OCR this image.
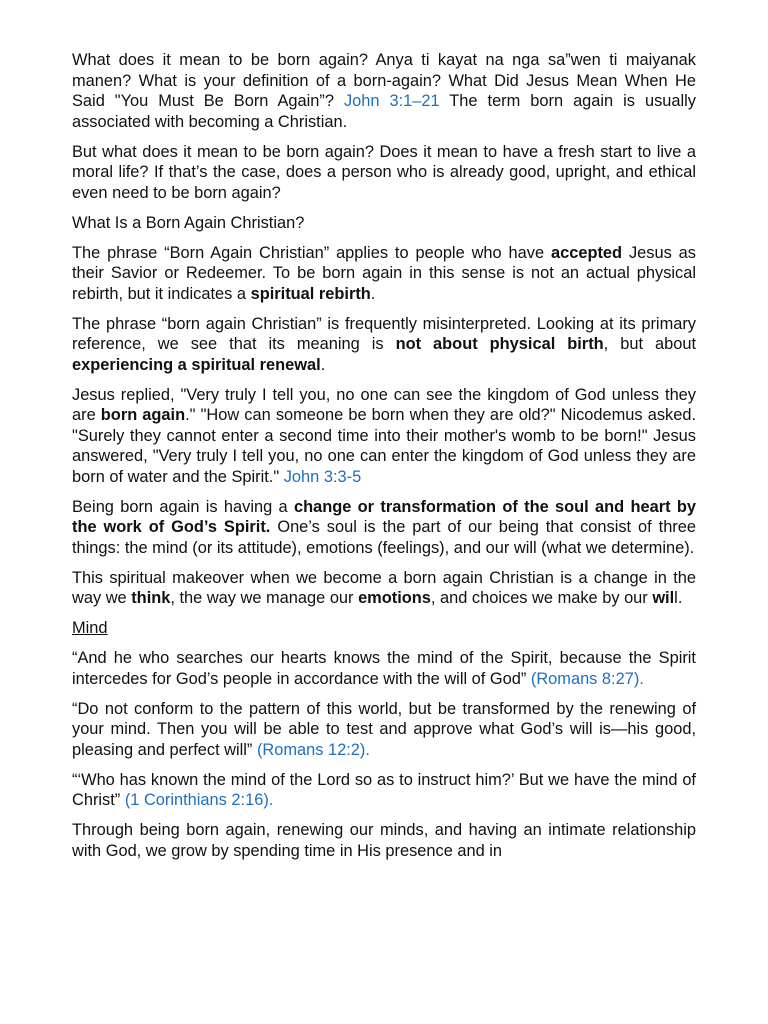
What does it mean to be born again? Anya ti kayat na nga sa”wen ti maiyanak manen? What is your definition of a born-again? What Did Jesus Mean When He Said "You Must Be Born Again”? John 3:1–21 The term born again is usually associated with becoming a Christian.

But what does it mean to be born again? Does it mean to have a fresh start to live a moral life? If that’s the case, does a person who is already good, upright, and ethical even need to be born again?

What Is a Born Again Christian?

The phrase “Born Again Christian” applies to people who have accepted Jesus as their Savior or Redeemer. To be born again in this sense is not an actual physical rebirth, but it indicates a spiritual rebirth.

The phrase “born again Christian” is frequently misinterpreted. Looking at its primary reference, we see that its meaning is not about physical birth, but about experiencing a spiritual renewal.

Jesus replied, "Very truly I tell you, no one can see the kingdom of God unless they are born again." "How can someone be born when they are old?" Nicodemus asked. "Surely they cannot enter a second time into their mother's womb to be born!" Jesus answered, "Very truly I tell you, no one can enter the kingdom of God unless they are born of water and the Spirit." John 3:3-5

Being born again is having a change or transformation of the soul and heart by the work of God’s Spirit. One’s soul is the part of our being that consist of three things: the mind (or its attitude), emotions (feelings), and our will (what we determine).

This spiritual makeover when we become a born again Christian is a change in the way we think, the way we manage our emotions, and choices we make by our will.

Mind

“And he who searches our hearts knows the mind of the Spirit, because the Spirit intercedes for God’s people in accordance with the will of God” (Romans 8:27).

“Do not conform to the pattern of this world, but be transformed by the renewing of your mind. Then you will be able to test and approve what God’s will is—his good, pleasing and perfect will” (Romans 12:2).

“‘Who has known the mind of the Lord so as to instruct him?’ But we have the mind of Christ” (1 Corinthians 2:16).

Through being born again, renewing our minds, and having an intimate relationship with God, we grow by spending time in His presence and in
